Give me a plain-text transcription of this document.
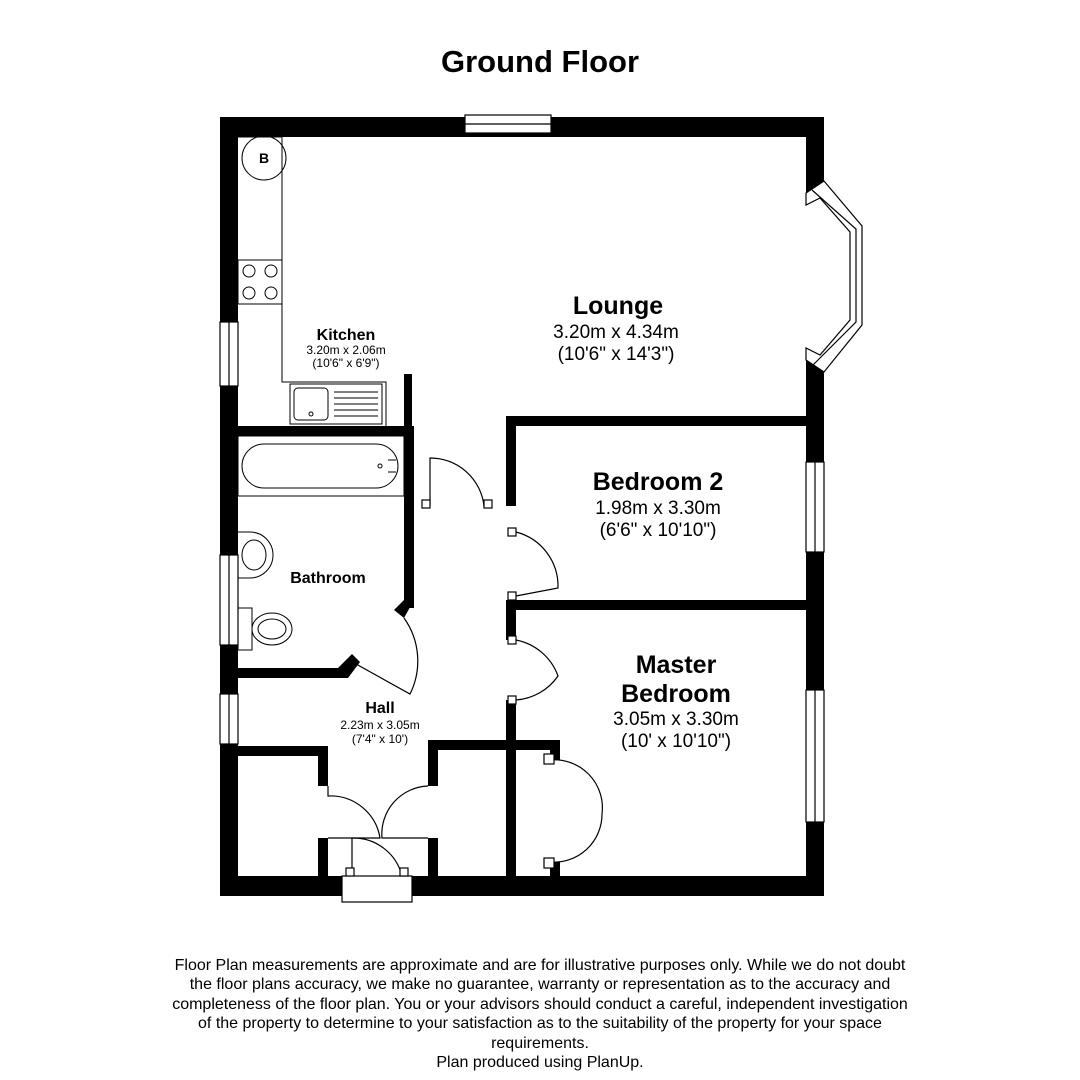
Ground Floor
B
Lounge
3.20m x 4.34m
(10'6" x 14'3")
Kitchen
3.20m x 2.06m
(10'6" x 6'9")
Bedroom 2
1.98m x 3.30m
(6'6" x 10'10")
Bathroom
Master
Bedroom
3.05m x 3.30m
(10' x 10'10")
Hall
2.23m x 3.05m
(7'4" x 10')
Floor Plan measurements are approximate and are for illustrative purposes only. While we do not doubt the floor plans accuracy, we make no guarantee, warranty or representation as to the accuracy and completeness of the floor plan. You or your advisors should conduct a careful, independent investigation of the property to determine to your satisfaction as to the suitability of the property for your space requirements.
Plan produced using PlanUp.
